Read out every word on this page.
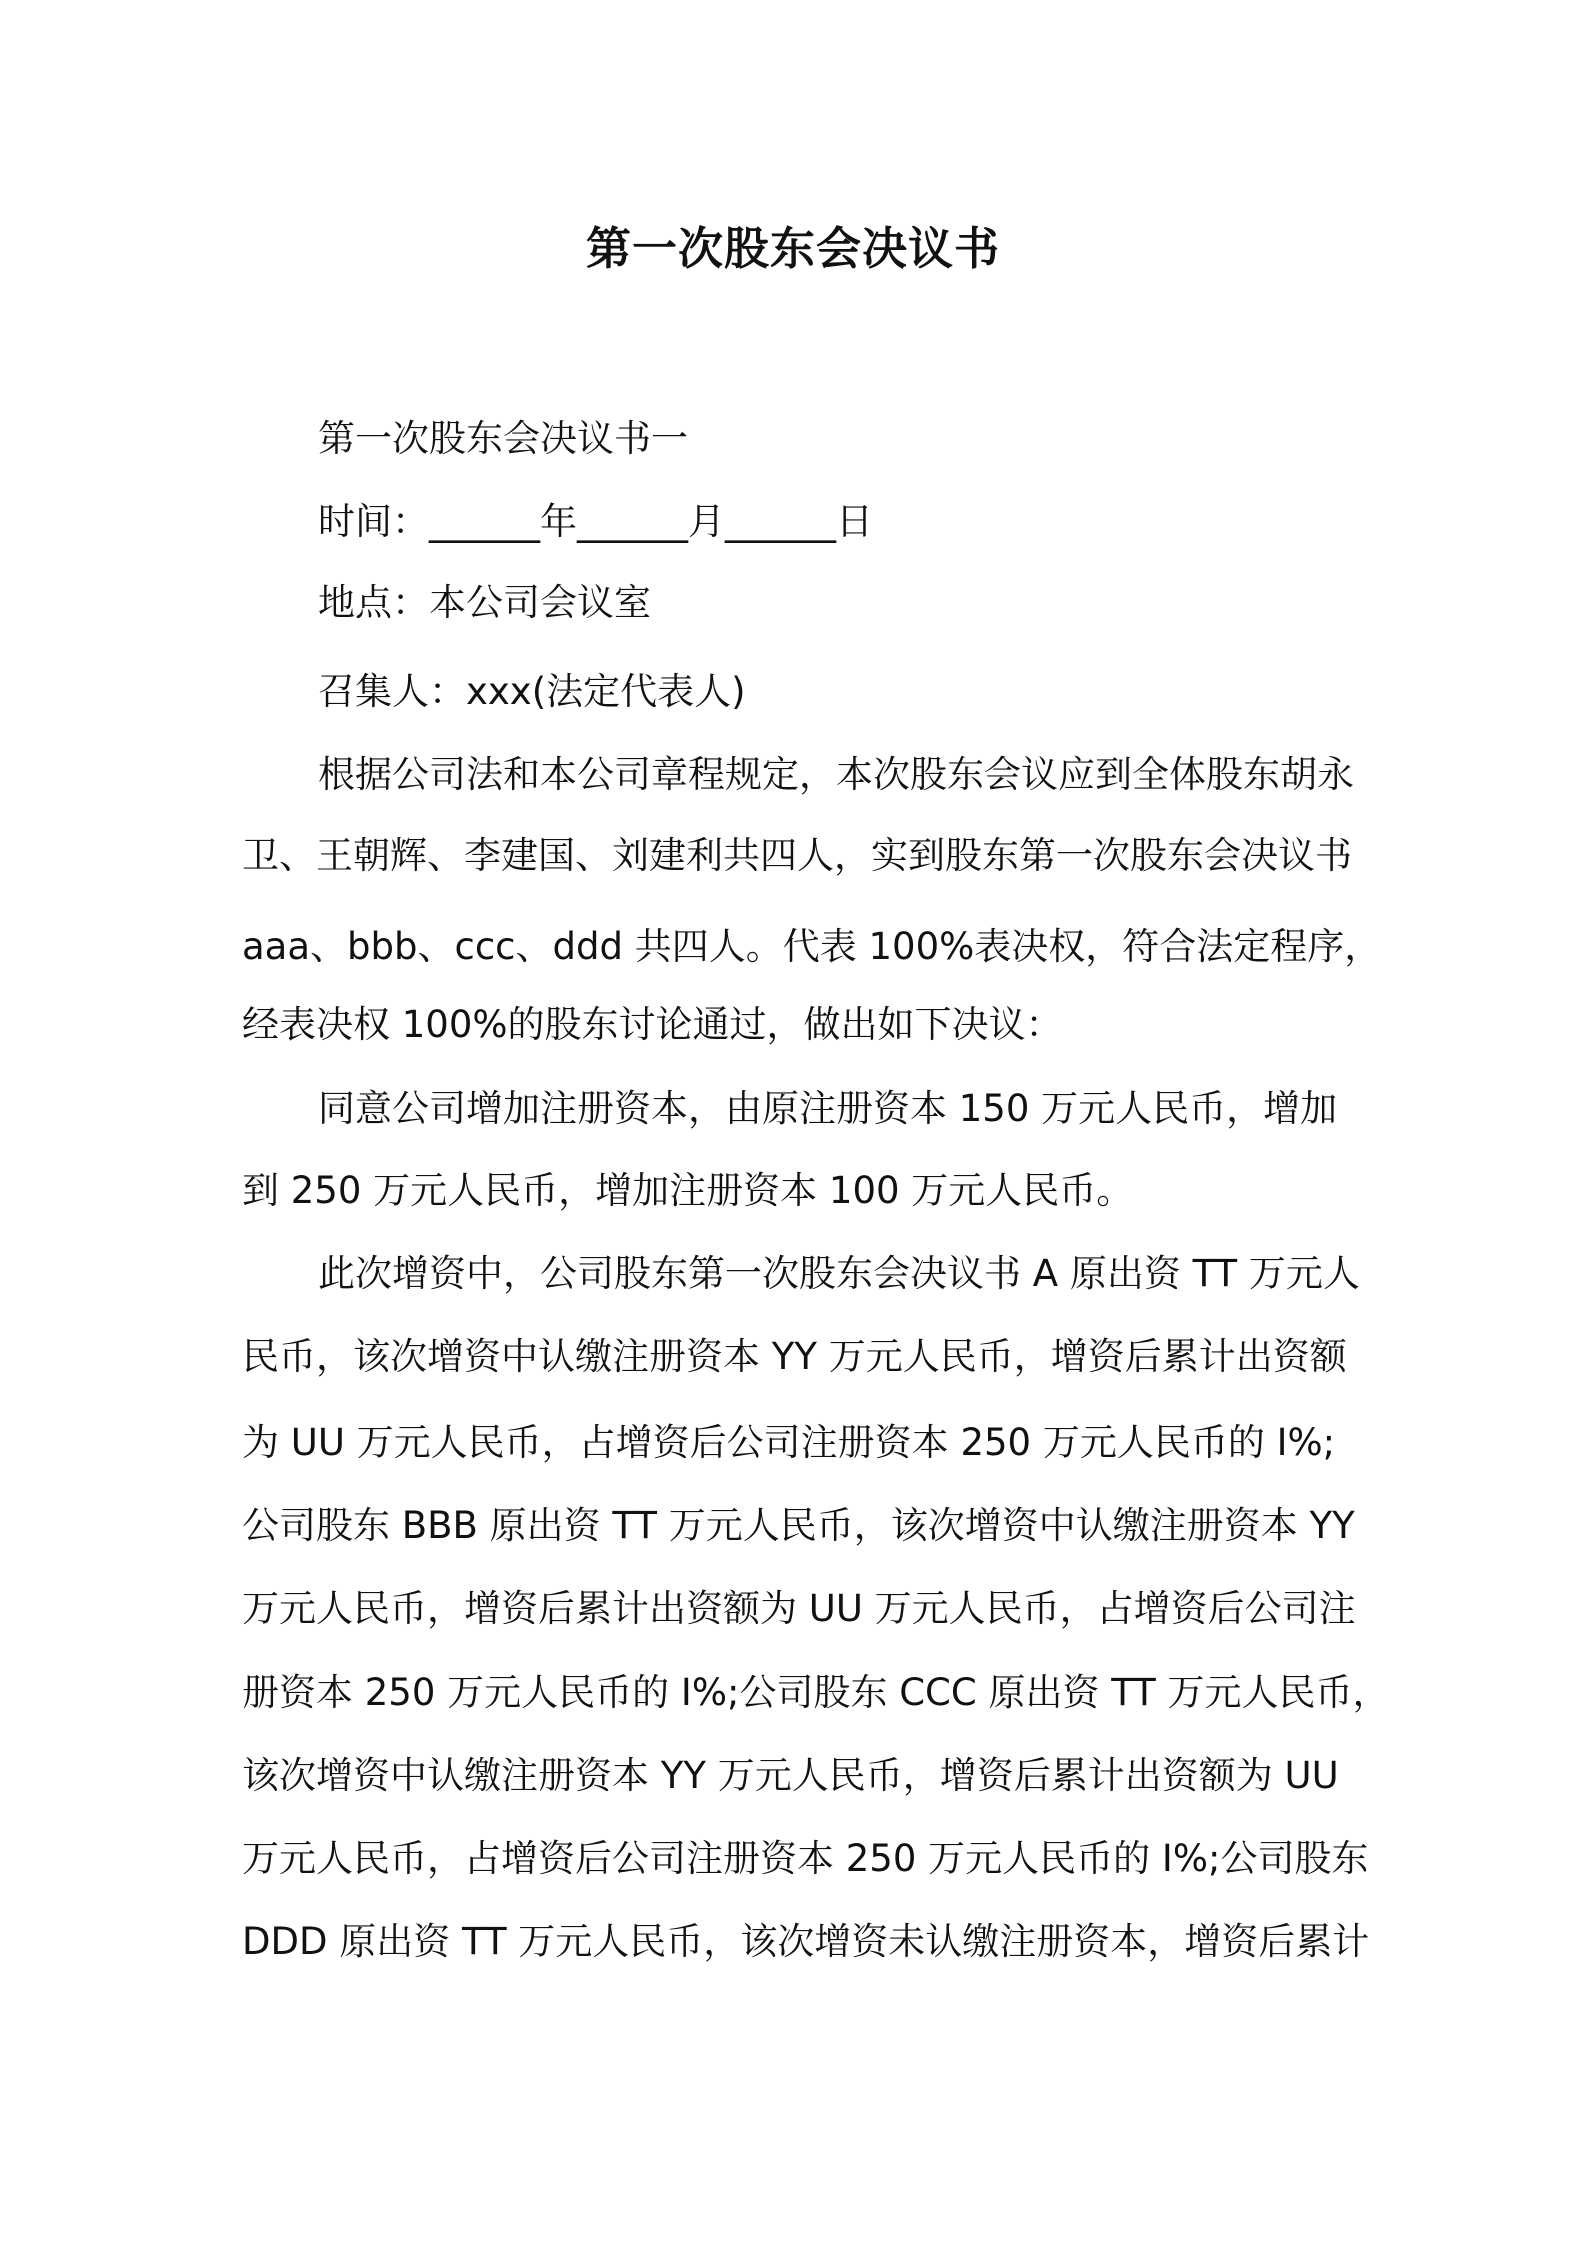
第一次股东会决议书
第一次股东会决议书一
时间：______年______月______日
地点：本公司会议室
召集人：xxx(法定代表人)
根据公司法和本公司章程规定，本次股东会议应到全体股东胡永
卫、王朝辉、李建国、刘建利共四人，实到股东第一次股东会决议书
aaa、bbb、ccc、ddd 共四人。代表 100%表决权，符合法定程序，
经表决权 100%的股东讨论通过，做出如下决议：
同意公司增加注册资本，由原注册资本 150 万元人民币，增加
到 250 万元人民币，增加注册资本 100 万元人民币。
此次增资中，公司股东第一次股东会决议书 A 原出资 TT 万元人
民币，该次增资中认缴注册资本 YY 万元人民币，增资后累计出资额
为 UU 万元人民币，占增资后公司注册资本 250 万元人民币的 I%;
公司股东 BBB 原出资 TT 万元人民币，该次增资中认缴注册资本 YY
万元人民币，增资后累计出资额为 UU 万元人民币，占增资后公司注
册资本 250 万元人民币的 I%;公司股东 CCC 原出资 TT 万元人民币，
该次增资中认缴注册资本 YY 万元人民币，增资后累计出资额为 UU
万元人民币，占增资后公司注册资本 250 万元人民币的 I%;公司股东
DDD 原出资 TT 万元人民币，该次增资未认缴注册资本，增资后累计
